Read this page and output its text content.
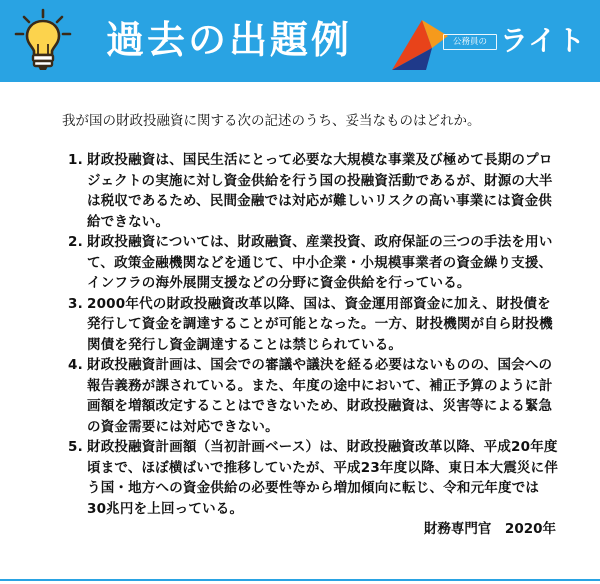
過去の出題例	公務員の ライト
我が国の財政投融資に関する次の記述のうち、妥当なものはどれか。
1. 財政投融資は、国民生活にとって必要な大規模な事業及び極めて長期のプロジェクトの実施に対し資金供給を行う国の投融資活動であるが、財源の大半は税収であるため、民間金融では対応が難しいリスクの高い事業には資金供給できない。
2. 財政投融資については、財政融資、産業投資、政府保証の三つの手法を用いて、政策金融機関などを通じて、中小企業・小規模事業者の資金繰り支援、インフラの海外展開支援などの分野に資金供給を行っている。
3. 2000年代の財政投融資改革以降、国は、資金運用部資金に加え、財投債を発行して資金を調達することが可能となった。一方、財投機関が自ら財投機関債を発行し資金調達することは禁じられている。
4. 財政投融資計画は、国会での審議や議決を経る必要はないものの、国会への報告義務が課されている。また、年度の途中において、補正予算のように計画額を増額改定することはできないため、財政投融資は、災害等による緊急の資金需要には対応できない。
5. 財政投融資計画額（当初計画ベース）は、財政投融資改革以降、平成20年度頃まで、ほぼ横ばいで推移していたが、平成23年度以降、東日本大震災に伴う国・地方への資金供給の必要性等から増加傾向に転じ、令和元年度では30兆円を上回っている。
財務専門官　2020年
